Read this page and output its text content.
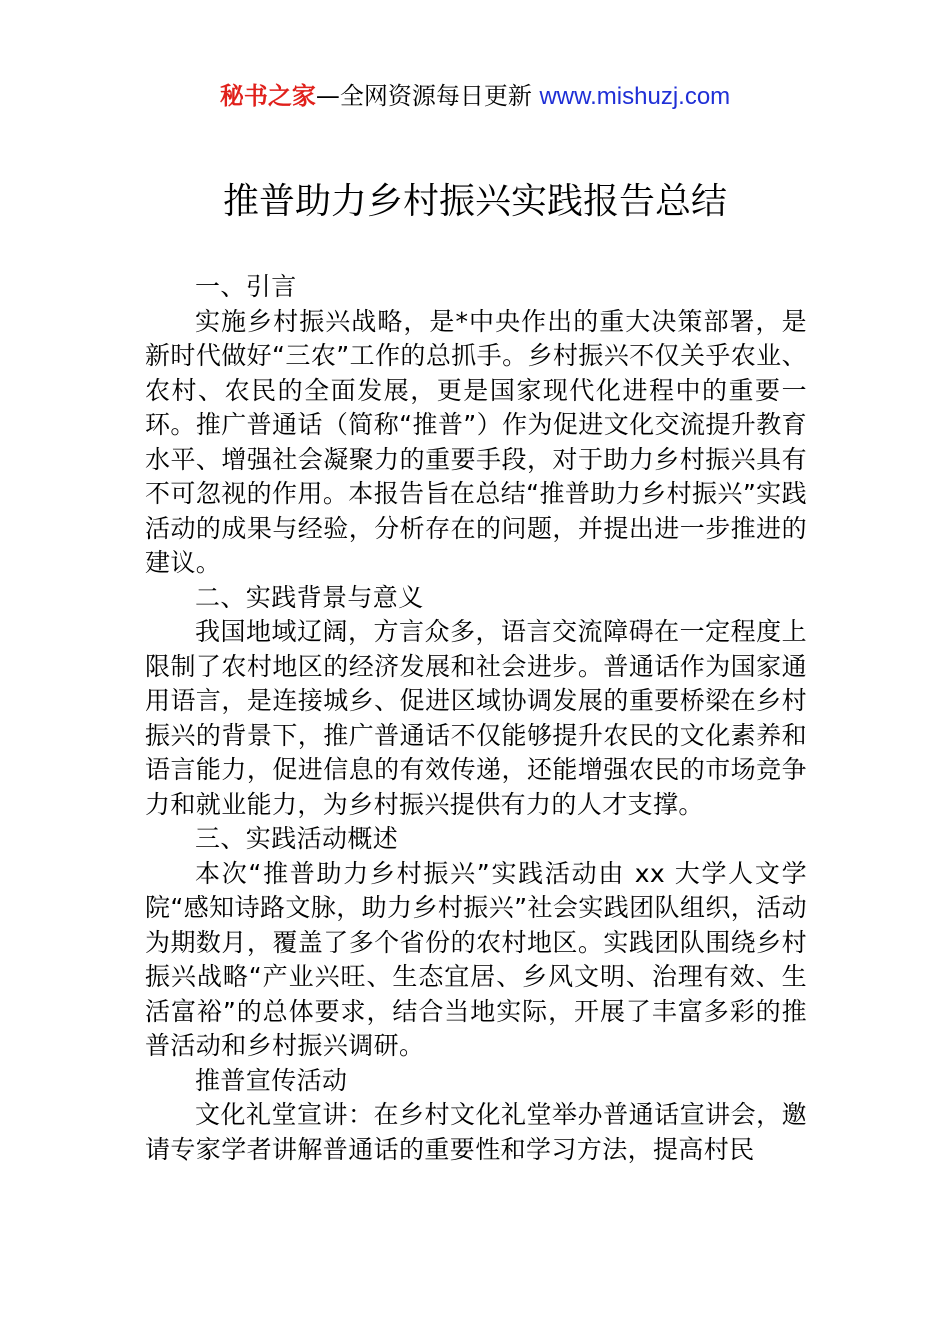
秘书之家—全网资源每日更新 www.mishuzj.com
推普助力乡村振兴实践报告总结

一、引言

实施乡村振兴战略，是*中央作出的重大决策部署，是新时代做好“三农”工作的总抓手。乡村振兴不仅关乎农业、农村、农民的全面发展，更是国家现代化进程中的重要一环。推广普通话（简称“推普”）作为促进文化交流提升教育水平、增强社会凝聚力的重要手段，对于助力乡村振兴具有不可忽视的作用。本报告旨在总结“推普助力乡村振兴”实践活动的成果与经验，分析存在的问题，并提出进一步推进的建议。

二、实践背景与意义

我国地域辽阔，方言众多，语言交流障碍在一定程度上限制了农村地区的经济发展和社会进步。普通话作为国家通用语言，是连接城乡、促进区域协调发展的重要桥梁在乡村振兴的背景下，推广普通话不仅能够提升农民的文化素养和语言能力，促进信息的有效传递，还能增强农民的市场竞争力和就业能力，为乡村振兴提供有力的人才支撑。

三、实践活动概述

本次“推普助力乡村振兴”实践活动由 xx 大学人文学院“感知诗路文脉，助力乡村振兴”社会实践团队组织，活动为期数月，覆盖了多个省份的农村地区。实践团队围绕乡村振兴战略“产业兴旺、生态宜居、乡风文明、治理有效、生活富裕”的总体要求，结合当地实际，开展了丰富多彩的推普活动和乡村振兴调研。

推普宣传活动

文化礼堂宣讲：在乡村文化礼堂举办普通话宣讲会，邀请专家学者讲解普通话的重要性和学习方法，提高村民
